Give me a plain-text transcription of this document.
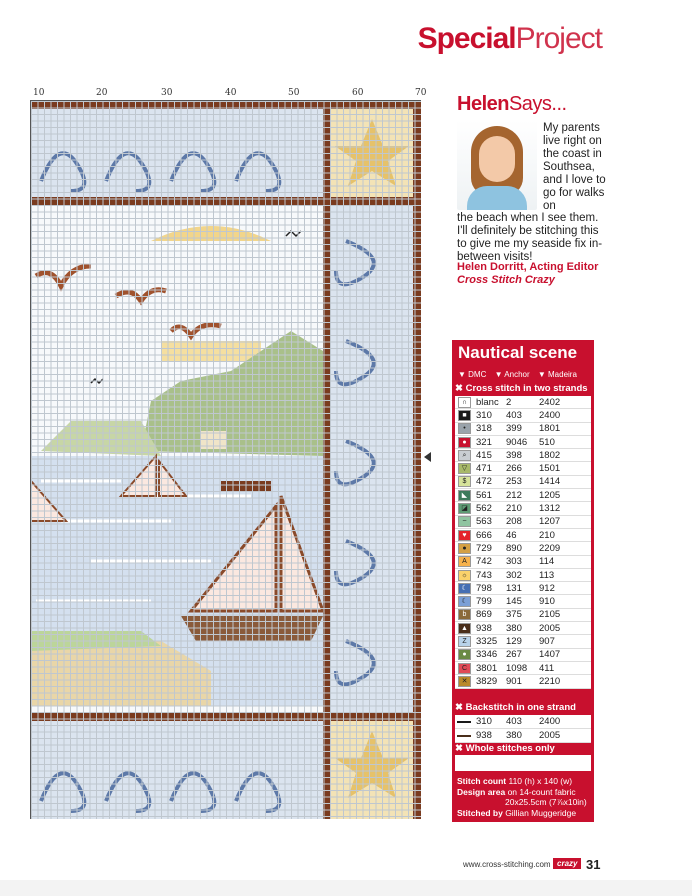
SpecialProject
10	20	30	40	50	60	70 HelenSays...
My parents live right on the coast in Southsea, and I love to go for walks on
the beach when I see them. I'll definitely be stitching this to give me my seaside fix in-between visits!
Helen Dorritt, Acting Editor
Cross Stitch Crazy
Nautical scene
▼ DMC ▼ Anchor ▼ Madeira
✖ Cross stitch in two strands
∩ blanc 2	2402
■ 310	403	2400
•	318	399	1801
● 321	9046	510
⌕	415	398	1802
▽ 471	266	1501
$	472	253	1414
◣ 561	212	1205
◪ 562	210	1312
~ 563	208	1207
♥ 666	46	210
● 729	890	2209
A 742	303	114
☼ 743	302	113
☾ 798	131	912
☾ 799	145	910
b	869	375	2105
▲ 938	380	2005
Z 3325 129	907
● 3346 267	1407
C 3801 1098	411
✕ 3829 901	2210
✖ Backstitch in one strand
310	403	2400
938	380	2005
✖ Whole stitches only
Stitch count 110 (h) x 140 (w)
Design area on 14-count fabric
20x25.5cm (7⅞x10in)
Stitched by Gillian Muggeridge
www.cross-stitching.com crazy 31
